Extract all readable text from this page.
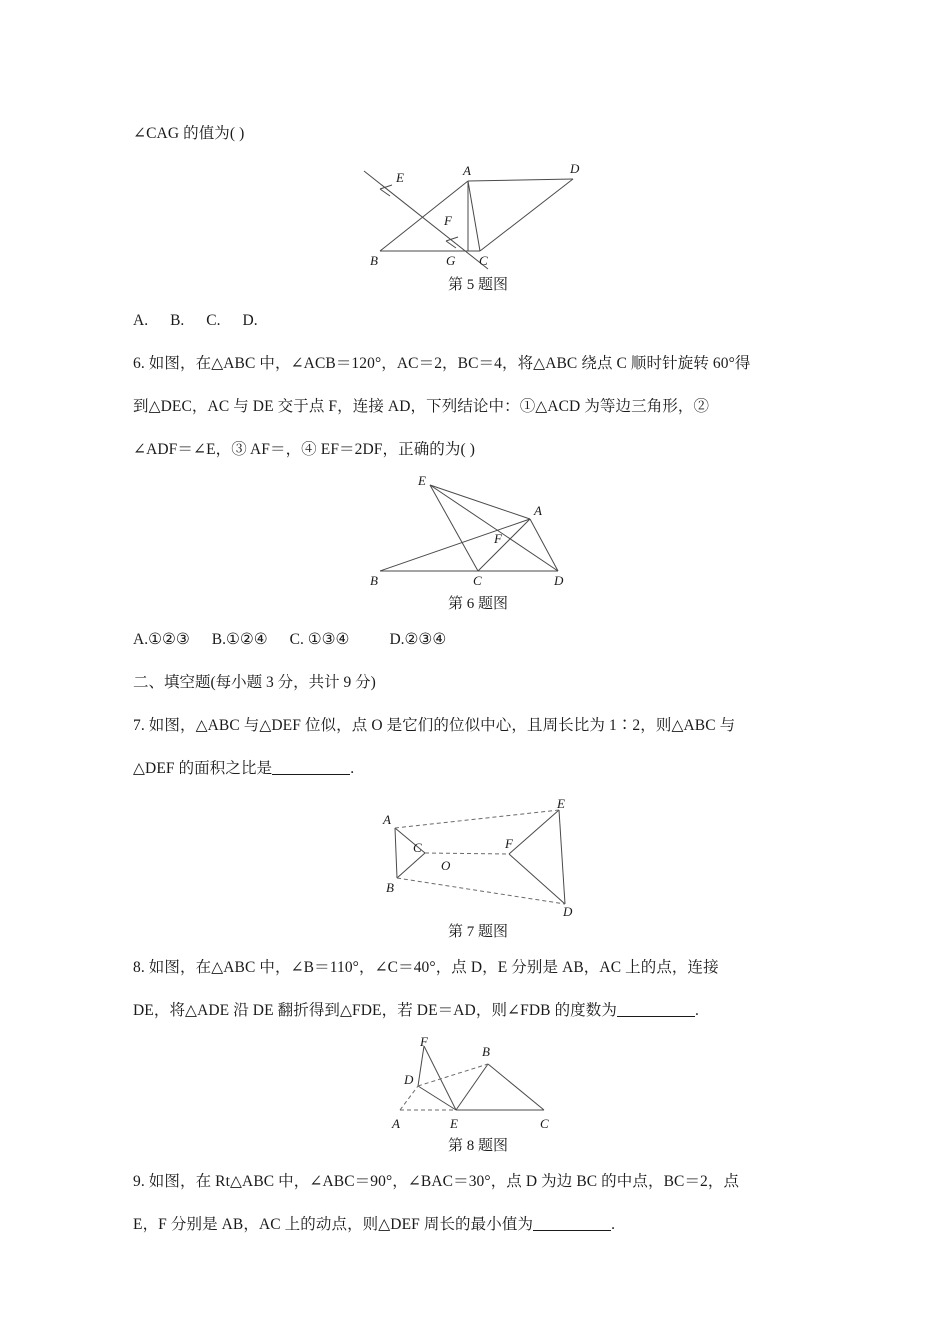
∠CAG 的值为( )
A
B	C
D
E
F
G
第 5 题图
A. B. C. D.
6. 如图，在△ABC 中，∠ACB＝120°，AC＝2，BC＝4，将△ABC 绕点 C 顺时针旋转 60°得
到△DEC，AC 与 DE 交于点 F，连接 AD，下列结论中：①△ACD 为等边三角形，②
∠ADF＝∠E，③ AF＝，④ EF＝2DF，正确的为( )
E
A
F
B	C	D
第 6 题图
A.①②③ B.①②④ C. ①③④	D.②③④
二、填空题(每小题 3 分，共计 9 分)
7. 如图，△ABC 与△DEF 位似，点 O 是它们的位似中心，且周长比为 1∶2，则△ABC 与
△DEF 的面积之比是	.
A
B
C
O
E
D
F
第 7 题图
8. 如图，在△ABC 中，∠B＝110°，∠C＝40°，点 D，E 分别是 AB，AC 上的点，连接
DE，将△ADE 沿 DE 翻折得到△FDE，若 DE＝AD，则∠FDB 的度数为	.
F
B
D
A	E	C
第 8 题图
9. 如图，在 Rt△ABC 中，∠ABC＝90°，∠BAC＝30°，点 D 为边 BC 的中点，BC＝2，点
E，F 分别是 AB，AC 上的动点，则△DEF 周长的最小值为	.
